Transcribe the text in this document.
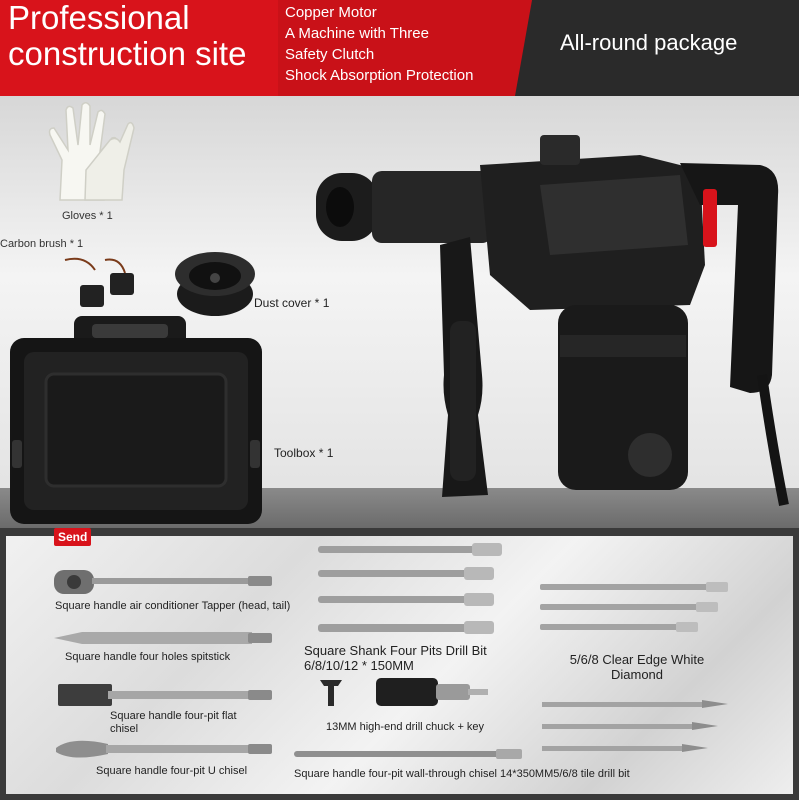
Professional
construction site
Copper Motor
A Machine with Three
Safety Clutch
Shock Absorption Protection
All-round package
Gloves * 1
Carbon brush * 1
Dust cover * 1
Toolbox * 1
Send
Square handle air conditioner Tapper (head, tail)
Square handle four holes spitstick
Square handle four-pit flat
chisel
Square handle four-pit U chisel
Square Shank Four Pits Drill Bit
6/8/10/12 * 150MM	5/6/8 Clear Edge White
Diamond
13MM high-end drill chuck + key
Square handle four-pit wall-through chisel 14*350MM5/6/8 tile drill bit
